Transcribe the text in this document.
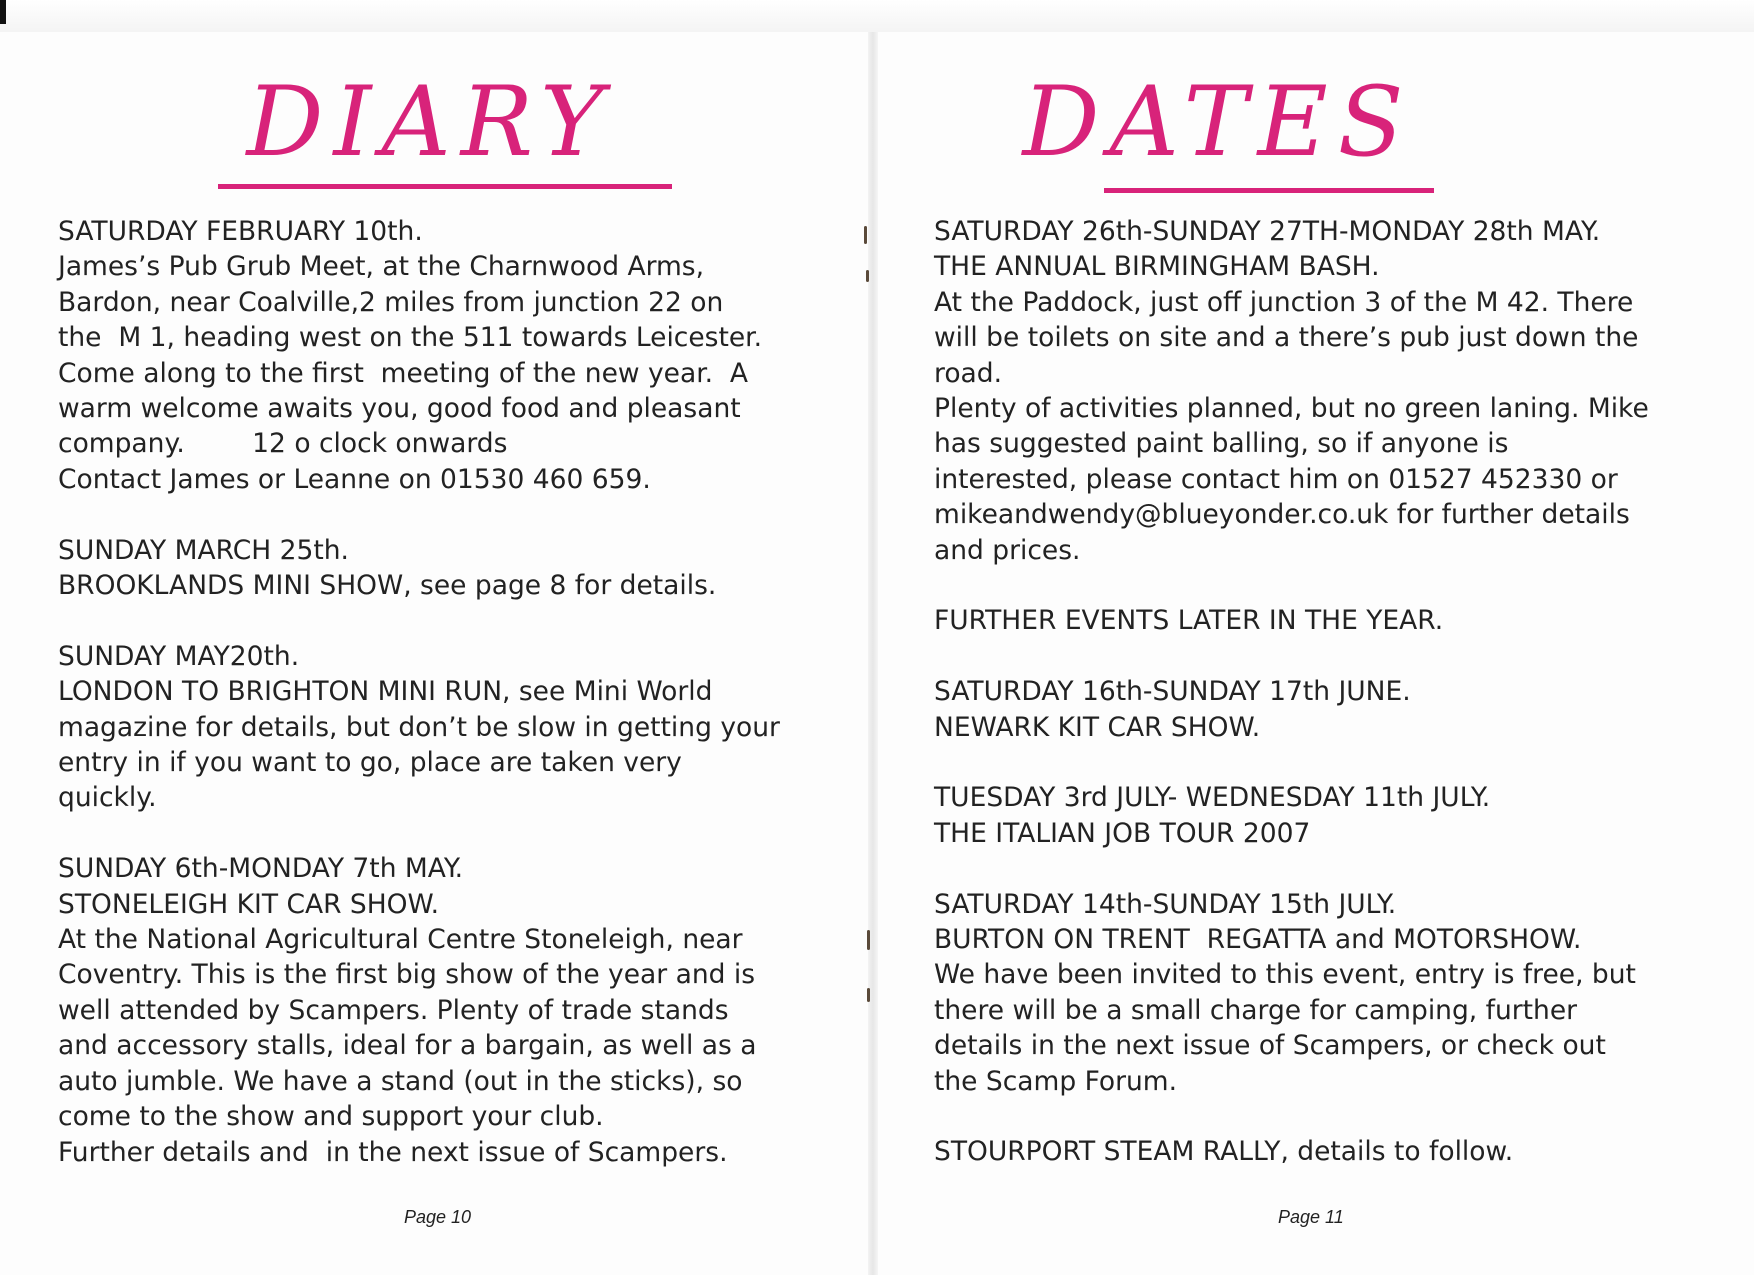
DIARY

SATURDAY FEBRUARY 10th.

James’s Pub Grub Meet, at the Charnwood Arms,

Bardon, near Coalville,2 miles from junction 22 on

the  M 1, heading west on the 511 towards Leicester.

Come along to the first  meeting of the new year.  A

warm welcome awaits you, good food and pleasant

company.        12 o clock onwards

Contact James or Leanne on 01530 460 659.

SUNDAY MARCH 25th.

BROOKLANDS MINI SHOW, see page 8 for details.

SUNDAY MAY20th.

LONDON TO BRIGHTON MINI RUN, see Mini World

magazine for details, but don’t be slow in getting your

entry in if you want to go, place are taken very

quickly.

SUNDAY 6th-MONDAY 7th MAY.

STONELEIGH KIT CAR SHOW.

At the National Agricultural Centre Stoneleigh, near

Coventry. This is the first big show of the year and is

well attended by Scampers. Plenty of trade stands

and accessory stalls, ideal for a bargain, as well as a

auto jumble. We have a stand (out in the sticks), so

come to the show and support your club.

Further details and  in the next issue of Scampers.

Page 10
DATES

SATURDAY 26th-SUNDAY 27TH-MONDAY 28th MAY.

THE ANNUAL BIRMINGHAM BASH.

At the Paddock, just off junction 3 of the M 42. There

will be toilets on site and a there’s pub just down the

road.

Plenty of activities planned, but no green laning. Mike

has suggested paint balling, so if anyone is

interested, please contact him on 01527 452330 or

mikeandwendy@blueyonder.co.uk for further details

and prices.

FURTHER EVENTS LATER IN THE YEAR.

SATURDAY 16th-SUNDAY 17th JUNE.

NEWARK KIT CAR SHOW.

TUESDAY 3rd JULY- WEDNESDAY 11th JULY.

THE ITALIAN JOB TOUR 2007

SATURDAY 14th-SUNDAY 15th JULY.

BURTON ON TRENT  REGATTA and MOTORSHOW.

We have been invited to this event, entry is free, but

there will be a small charge for camping, further

details in the next issue of Scampers, or check out

the Scamp Forum.

STOURPORT STEAM RALLY, details to follow.

Page 11
